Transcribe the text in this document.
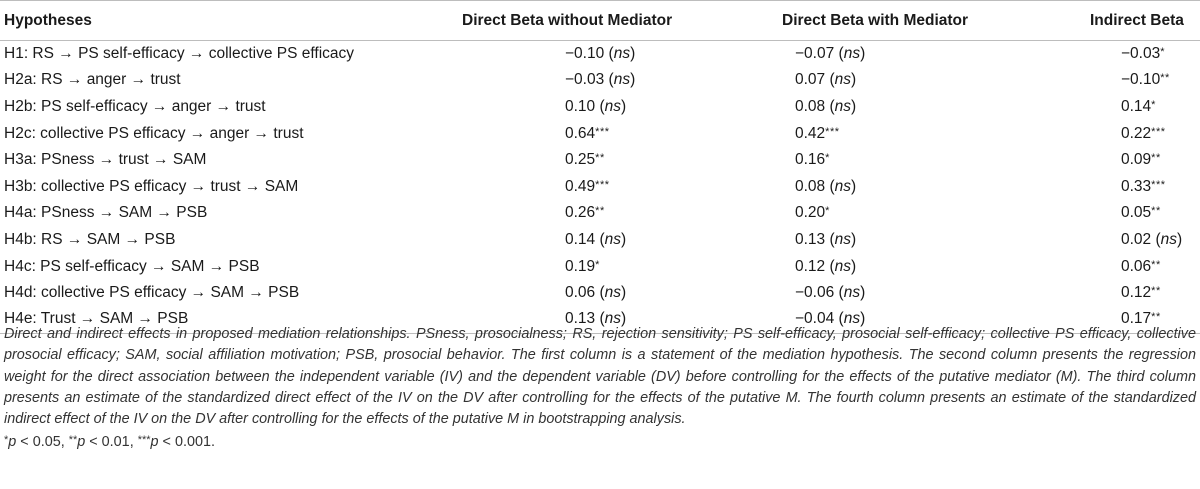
Hypotheses	Direct Beta without Mediator	Direct Beta with Mediator	Indirect Beta
H1: RS → PS self-efficacy → collective PS efficacy	−0.10 (ns)	−0.07 (ns)	−0.03*
H2a: RS → anger → trust	−0.03 (ns)	0.07 (ns)	−0.10**
H2b: PS self-efficacy → anger → trust	0.10 (ns)	0.08 (ns)	0.14*
H2c: collective PS efficacy → anger → trust	0.64***	0.42***	0.22***
H3a: PSness → trust → SAM	0.25**	0.16*	0.09**
H3b: collective PS efficacy → trust → SAM	0.49***	0.08 (ns)	0.33***
H4a: PSness → SAM → PSB	0.26**	0.20*	0.05**
H4b: RS → SAM → PSB	0.14 (ns)	0.13 (ns)	0.02 (ns)
H4c: PS self-efficacy → SAM → PSB	0.19*	0.12 (ns)	0.06**
H4d: collective PS efficacy → SAM → PSB	0.06 (ns)	−0.06 (ns)	0.12**
H4e: Trust → SAM → PSB	0.13 (ns)	−0.04 (ns)	0.17**

Direct and indirect effects in proposed mediation relationships. PSness, prosocialness; RS, rejection sensitivity; PS self-efficacy, prosocial self-efficacy; collective PS efficacy, collective prosocial efficacy; SAM, social affiliation motivation; PSB, prosocial behavior. The first column is a statement of the mediation hypothesis. The second column presents the regression weight for the direct association between the independent variable (IV) and the dependent variable (DV) before controlling for the effects of the putative mediator (M). The third column presents an estimate of the standardized direct effect of the IV on the DV after controlling for the effects of the putative M. The fourth column presents an estimate of the standardized indirect effect of the IV on the DV after controlling for the effects of the putative M in bootstrapping analysis.

*p < 0.05, **p < 0.01, ***p < 0.001.
